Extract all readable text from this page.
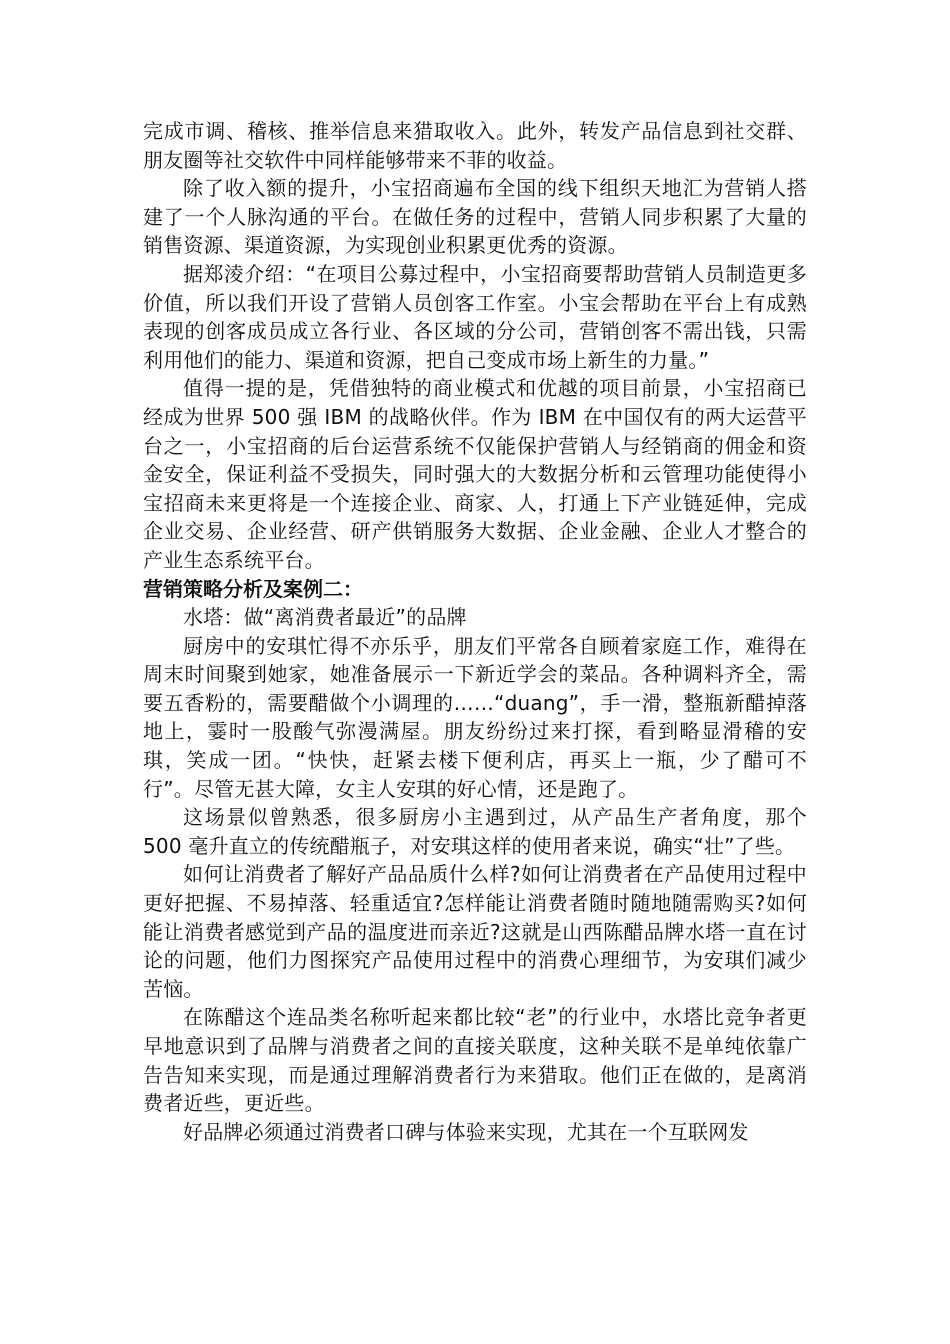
完成市调、稽核、推举信息来猎取收入。此外，转发产品信息到社交群、朋友圈等社交软件中同样能够带来不菲的收益。

除了收入额的提升，小宝招商遍布全国的线下组织天地汇为营销人搭建了一个人脉沟通的平台。在做任务的过程中，营销人同步积累了大量的销售资源、渠道资源，为实现创业积累更优秀的资源。

据郑淩介绍：“在项目公募过程中，小宝招商要帮助营销人员制造更多价值，所以我们开设了营销人员创客工作室。小宝会帮助在平台上有成熟表现的创客成员成立各行业、各区域的分公司，营销创客不需出钱，只需利用他们的能力、渠道和资源，把自己变成市场上新生的力量。”

值得一提的是，凭借独特的商业模式和优越的项目前景，小宝招商已经成为世界 500 强 IBM 的战略伙伴。作为 IBM 在中国仅有的两大运营平台之一，小宝招商的后台运营系统不仅能保护营销人与经销商的佣金和资金安全，保证利益不受损失，同时强大的大数据分析和云管理功能使得小宝招商未来更将是一个连接企业、商家、人，打通上下产业链延伸，完成企业交易、企业经营、研产供销服务大数据、企业金融、企业人才整合的产业生态系统平台。

营销策略分析及案例二：

水塔：做“离消费者最近”的品牌

厨房中的安琪忙得不亦乐乎，朋友们平常各自顾着家庭工作，难得在周末时间聚到她家，她准备展示一下新近学会的菜品。各种调料齐全，需要五香粉的，需要醋做个小调理的……“duang”，手一滑，整瓶新醋掉落地上，霎时一股酸气弥漫满屋。朋友纷纷过来打探，看到略显滑稽的安琪，笑成一团。“快快，赶紧去楼下便利店，再买上一瓶，少了醋可不行”。尽管无甚大障，女主人安琪的好心情，还是跑了。

这场景似曾熟悉，很多厨房小主遇到过，从产品生产者角度，那个 500 毫升直立的传统醋瓶子，对安琪这样的使用者来说，确实“壮”了些。

如何让消费者了解好产品品质什么样?如何让消费者在产品使用过程中更好把握、不易掉落、轻重适宜?怎样能让消费者随时随地随需购买?如何能让消费者感觉到产品的温度进而亲近?这就是山西陈醋品牌水塔一直在讨论的问题，他们力图探究产品使用过程中的消费心理细节，为安琪们减少苦恼。

在陈醋这个连品类名称听起来都比较“老”的行业中，水塔比竞争者更早地意识到了品牌与消费者之间的直接关联度，这种关联不是单纯依靠广告告知来实现，而是通过理解消费者行为来猎取。他们正在做的，是离消费者近些，更近些。

好品牌必须通过消费者口碑与体验来实现，尤其在一个互联网发
